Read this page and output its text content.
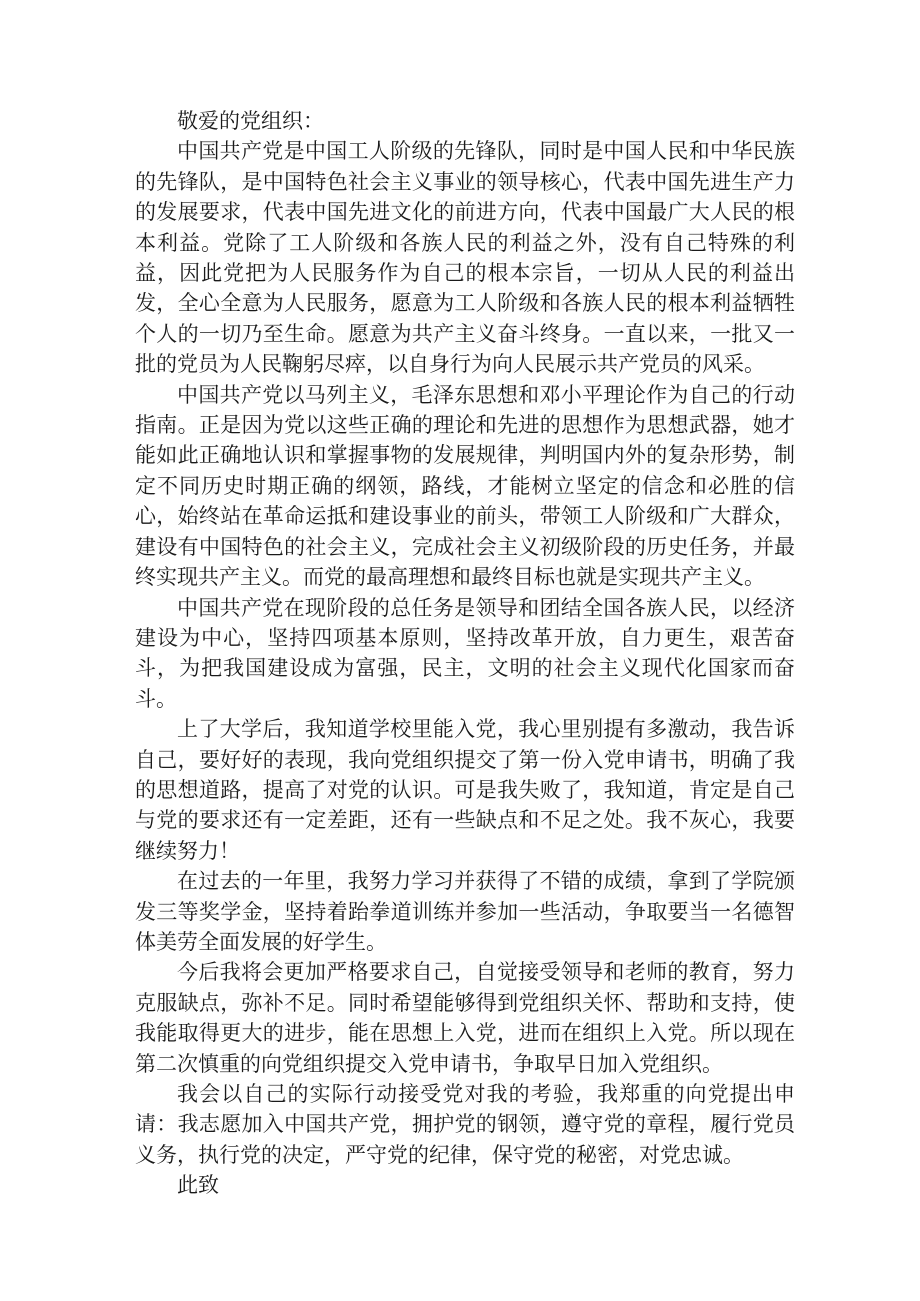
敬爱的党组织：

中国共产党是中国工人阶级的先锋队，同时是中国人民和中华民族的先锋队，是中国特色社会主义事业的领导核心，代表中国先进生产力的发展要求，代表中国先进文化的前进方向，代表中国最广大人民的根本利益。党除了工人阶级和各族人民的利益之外，没有自己特殊的利益，因此党把为人民服务作为自己的根本宗旨，一切从人民的利益出发，全心全意为人民服务，愿意为工人阶级和各族人民的根本利益牺牲个人的一切乃至生命。愿意为共产主义奋斗终身。一直以来，一批又一批的党员为人民鞠躬尽瘁，以自身行为向人民展示共产党员的风采。

中国共产党以马列主义，毛泽东思想和邓小平理论作为自己的行动指南。正是因为党以这些正确的理论和先进的思想作为思想武器，她才能如此正确地认识和掌握事物的发展规律，判明国内外的复杂形势，制定不同历史时期正确的纲领，路线，才能树立坚定的信念和必胜的信心，始终站在革命运抵和建设事业的前头，带领工人阶级和广大群众，建设有中国特色的社会主义，完成社会主义初级阶段的历史任务，并最终实现共产主义。而党的最高理想和最终目标也就是实现共产主义。

中国共产党在现阶段的总任务是领导和团结全国各族人民，以经济建设为中心，坚持四项基本原则，坚持改革开放，自力更生，艰苦奋斗，为把我国建设成为富强，民主，文明的社会主义现代化国家而奋斗。

上了大学后，我知道学校里能入党，我心里别提有多激动，我告诉自己，要好好的表现，我向党组织提交了第一份入党申请书，明确了我的思想道路，提高了对党的认识。可是我失败了，我知道，肯定是自己与党的要求还有一定差距，还有一些缺点和不足之处。我不灰心，我要继续努力！

在过去的一年里，我努力学习并获得了不错的成绩，拿到了学院颁发三等奖学金，坚持着跆拳道训练并参加一些活动，争取要当一名德智体美劳全面发展的好学生。

今后我将会更加严格要求自己，自觉接受领导和老师的教育，努力克服缺点，弥补不足。同时希望能够得到党组织关怀、帮助和支持，使我能取得更大的进步，能在思想上入党，进而在组织上入党。所以现在第二次慎重的向党组织提交入党申请书，争取早日加入党组织。

我会以自己的实际行动接受党对我的考验，我郑重的向党提出申请：我志愿加入中国共产党，拥护党的钢领，遵守党的章程，履行党员义务，执行党的决定，严守党的纪律，保守党的秘密，对党忠诚。

此致
